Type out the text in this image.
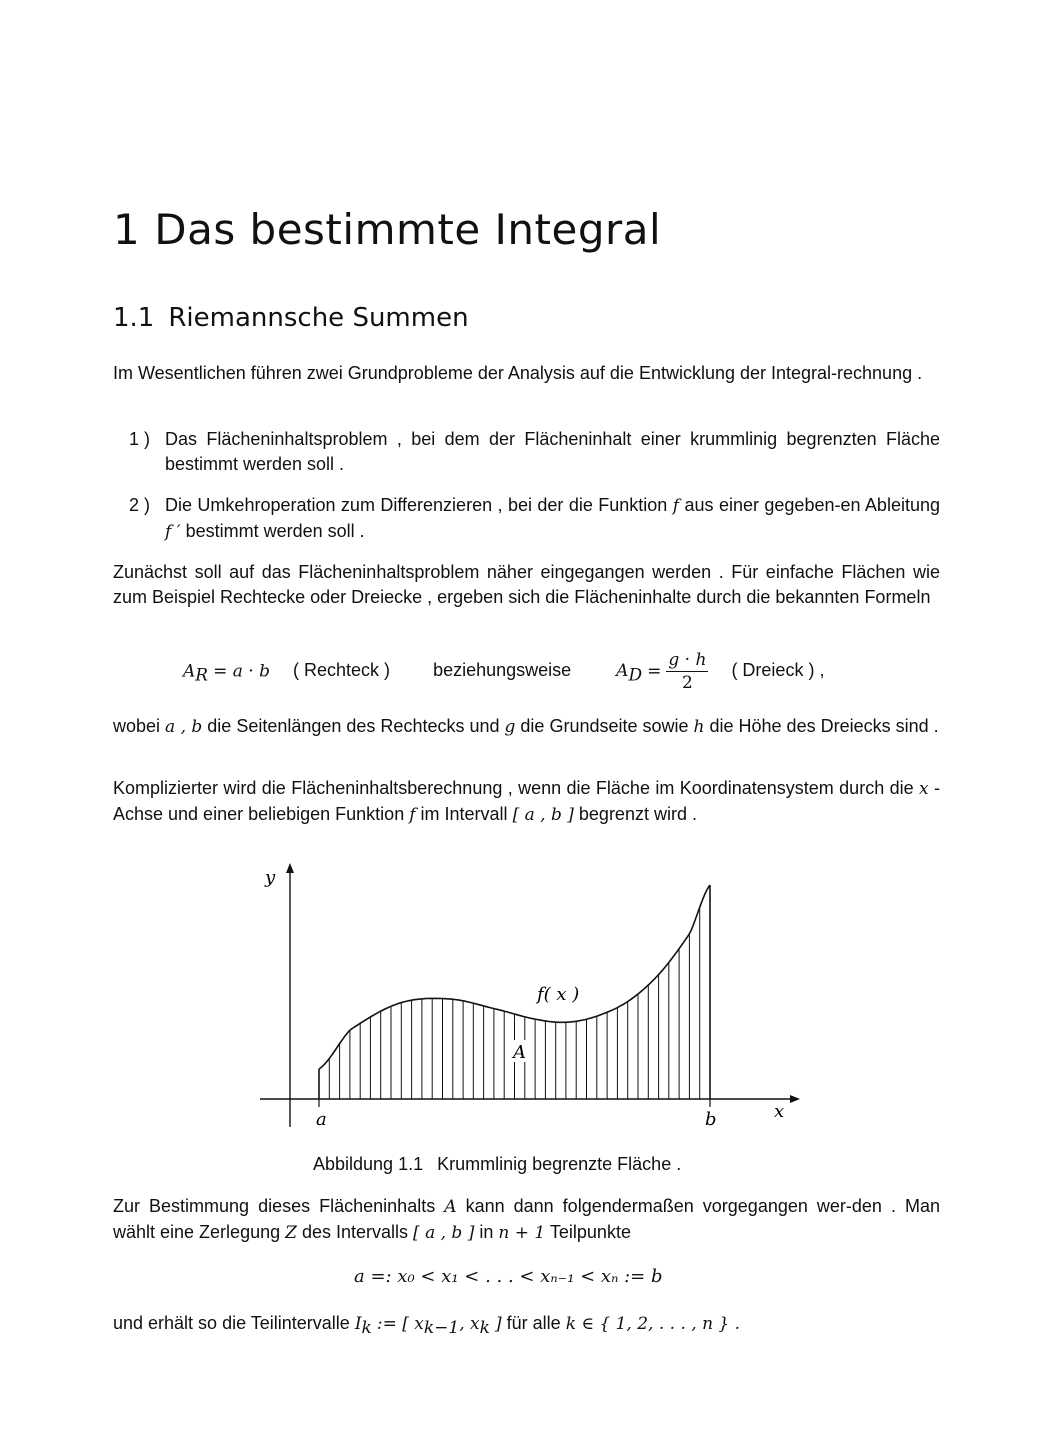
1 Das bestimmte Integral
1.1 Riemannsche Summen

Im Wesentlichen führen zwei Grundprobleme der Analysis auf die Entwicklung der Integral-rechnung .

1 ) Das Flächeninhaltsproblem , bei dem der Flächeninhalt einer krummlinig begrenzten Fläche bestimmt werden soll .

2 ) Die Umkehroperation zum Differenzieren , bei der die Funktion f aus einer gegeben-en Ableitung f ′ bestimmt werden soll .

Zunächst soll auf das Flächeninhaltsproblem näher eingegangen werden . Für einfache Flächen wie zum Beispiel Rechtecke oder Dreiecke , ergeben sich die Flächeninhalte durch die bekannten Formeln

$A_R = a \cdot b$ ( Rechteck ) beziehungsweise	$A_D = \frac{g \cdot h}{2}$ ( Dreieck ) ,

wobei a , b die Seitenlängen des Rechtecks und g die Grundseite sowie h die Höhe des Dreiecks sind .

Komplizierter wird die Flächeninhaltsberechnung , wenn die Fläche im Koordinatensystem durch die x - Achse und einer beliebigen Funktion f im Intervall [ a , b ] begrenzt wird .

Abbildung 1.1 Krummlinig begrenzte Fläche .

Zur Bestimmung dieses Flächeninhalts A kann dann folgendermaßen vorgegangen wer-den . Man wählt eine Zerlegung Z des Intervalls [ a , b ] in n + 1 Teilpunkte

a =: x₀ < x₁ < . . . < xₙ₋₁ < xₙ := b

und erhält so die Teilintervalle $I_k$ := [ $x_{k-1}$, $x_k$ ] für alle k ∈ { 1, 2, . . . , n } .

y
x
f( x )
A
a	b
